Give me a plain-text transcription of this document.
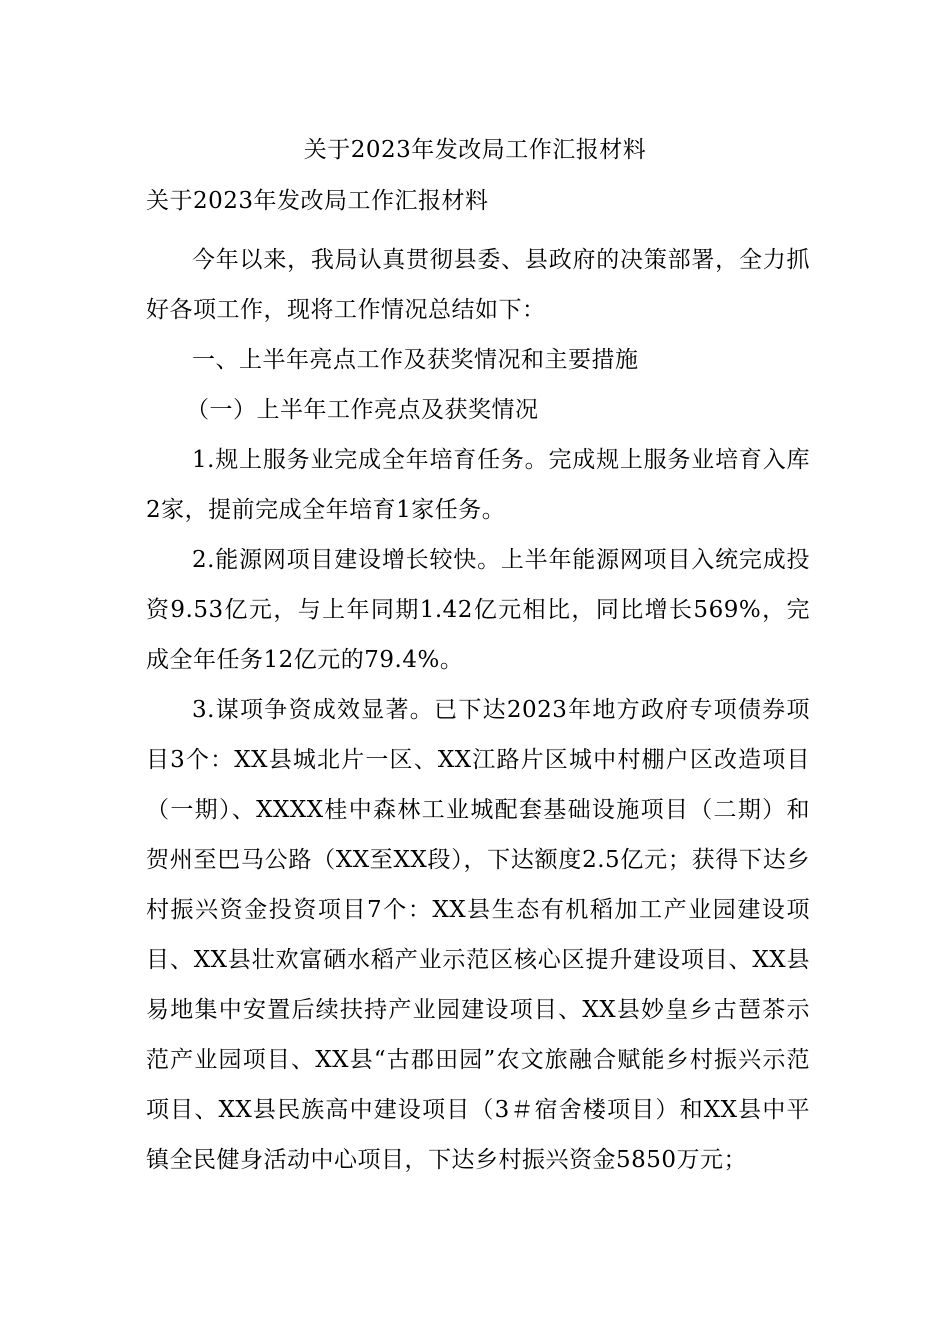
关于2023年发改局工作汇报材料
关于2023年发改局工作汇报材料

今年以来，我局认真贯彻县委、县政府的决策部署，全力抓好各项工作，现将工作情况总结如下：

一、上半年亮点工作及获奖情况和主要措施

（一）上半年工作亮点及获奖情况

1.规上服务业完成全年培育任务。完成规上服务业培育入库2家，提前完成全年培育1家任务。

2.能源网项目建设增长较快。上半年能源网项目入统完成投资9.53亿元，与上年同期1.42亿元相比，同比增长569%，完成全年任务12亿元的79.4%。

3.谋项争资成效显著。已下达2023年地方政府专项债券项目3个：XX县城北片一区、XX江路片区城中村棚户区改造项目（一期）、XXXX桂中森林工业城配套基础设施项目（二期）和贺州至巴马公路（XX至XX段），下达额度2.5亿元；获得下达乡村振兴资金投资项目7个：XX县生态有机稻加工产业园建设项目、XX县壮欢富硒水稻产业示范区核心区提升建设项目、XX县易地集中安置后续扶持产业园建设项目、XX县妙皇乡古琶茶示范产业园项目、XX县“古郡田园”农文旅融合赋能乡村振兴示范项目、XX县民族高中建设项目（3＃宿舍楼项目）和XX县中平镇全民健身活动中心项目，下达乡村振兴资金5850万元；
